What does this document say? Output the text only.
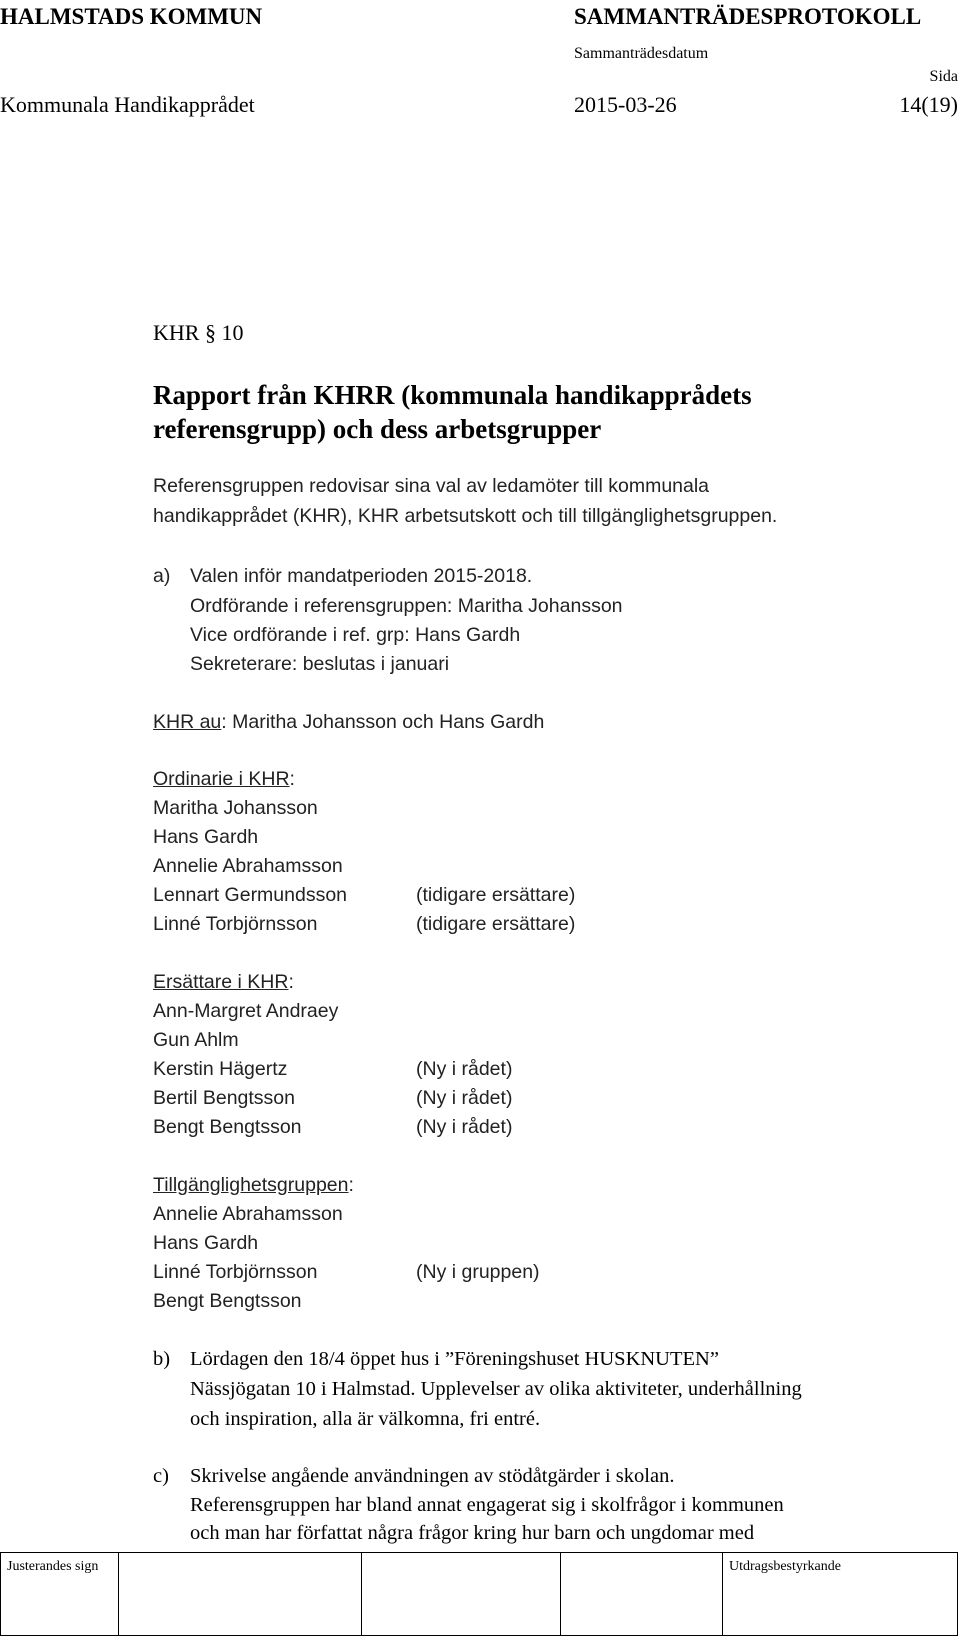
HALMSTADS KOMMUN	SAMMANTRÄDESPROTOKOLL
Sammanträdesdatum
Sida
Kommunala Handikapprådet	2015-03-26	14(19)
KHR § 10
Rapport från KHRR (kommunala handikapprådets
referensgrupp) och dess arbetsgrupper
Referensgruppen redovisar sina val av ledamöter till kommunala
handikapprådet (KHR), KHR arbetsutskott och till tillgänglighetsgruppen.
a) Valen inför mandatperioden 2015-2018.
Ordförande i referensgruppen: Maritha Johansson
Vice ordförande i ref. grp: Hans Gardh
Sekreterare: beslutas i januari
KHR au: Maritha Johansson och Hans Gardh
Ordinarie i KHR:
Maritha Johansson
Hans Gardh
Annelie Abrahamsson
Lennart Germundsson	(tidigare ersättare)
Linné Torbjörnsson	(tidigare ersättare)
Ersättare i KHR:
Ann-Margret Andraey
Gun Ahlm
Kerstin Hägertz	(Ny i rådet)
Bertil Bengtsson	(Ny i rådet)
Bengt Bengtsson	(Ny i rådet)
Tillgänglighetsgruppen:
Annelie Abrahamsson
Hans Gardh
Linné Torbjörnsson	(Ny i gruppen)
Bengt Bengtsson
b) Lördagen den 18/4 öppet hus i ”Föreningshuset HUSKNUTEN”
Nässjögatan 10 i Halmstad. Upplevelser av olika aktiviteter, underhållning
och inspiration, alla är välkomna, fri entré.
c) Skrivelse angående användningen av stödåtgärder i skolan.
Referensgruppen har bland annat engagerat sig i skolfrågor i kommunen
och man har författat några frågor kring hur barn och ungdomar med
Justerandes sign				Utdragsbestyrkande
